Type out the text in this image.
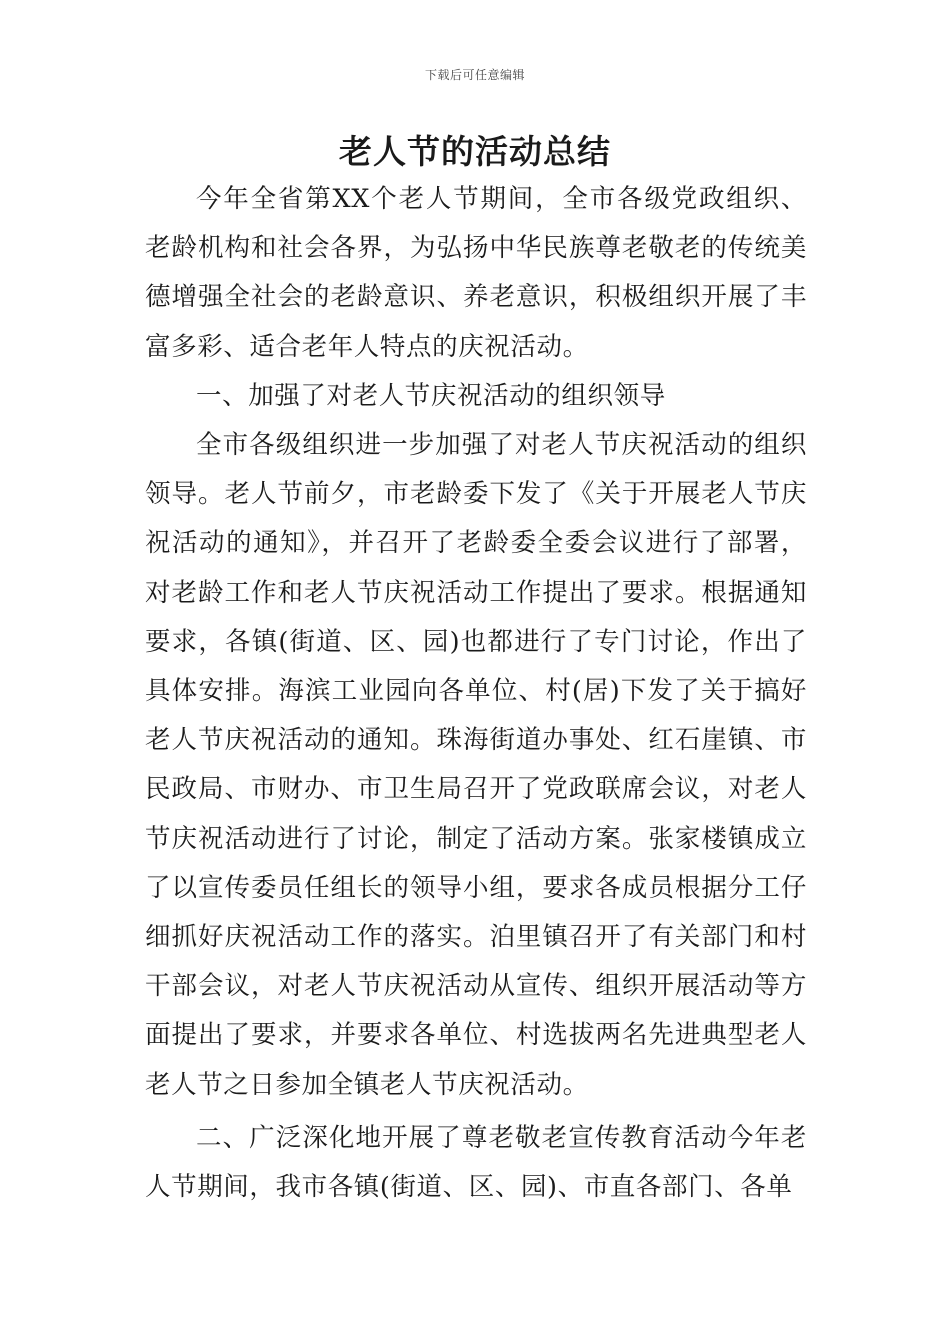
下载后可任意编辑
老人节的活动总结

今年全省第XX个老人节期间，全市各级党政组织、老龄机构和社会各界，为弘扬中华民族尊老敬老的传统美德增强全社会的老龄意识、养老意识，积极组织开展了丰富多彩、适合老年人特点的庆祝活动。

一、加强了对老人节庆祝活动的组织领导

全市各级组织进一步加强了对老人节庆祝活动的组织领导。老人节前夕，市老龄委下发了《关于开展老人节庆祝活动的通知》，并召开了老龄委全委会议进行了部署，对老龄工作和老人节庆祝活动工作提出了要求。根据通知要求，各镇(街道、区、园)也都进行了专门讨论，作出了具体安排。海滨工业园向各单位、村(居)下发了关于搞好老人节庆祝活动的通知。珠海街道办事处、红石崖镇、市民政局、市财办、市卫生局召开了党政联席会议，对老人节庆祝活动进行了讨论，制定了活动方案。张家楼镇成立了以宣传委员任组长的领导小组，要求各成员根据分工仔细抓好庆祝活动工作的落实。泊里镇召开了有关部门和村干部会议，对老人节庆祝活动从宣传、组织开展活动等方面提出了要求，并要求各单位、村选拔两名先进典型老人老人节之日参加全镇老人节庆祝活动。

二、广泛深化地开展了尊老敬老宣传教育活动今年老人节期间，我市各镇(街道、区、园)、市直各部门、各单
